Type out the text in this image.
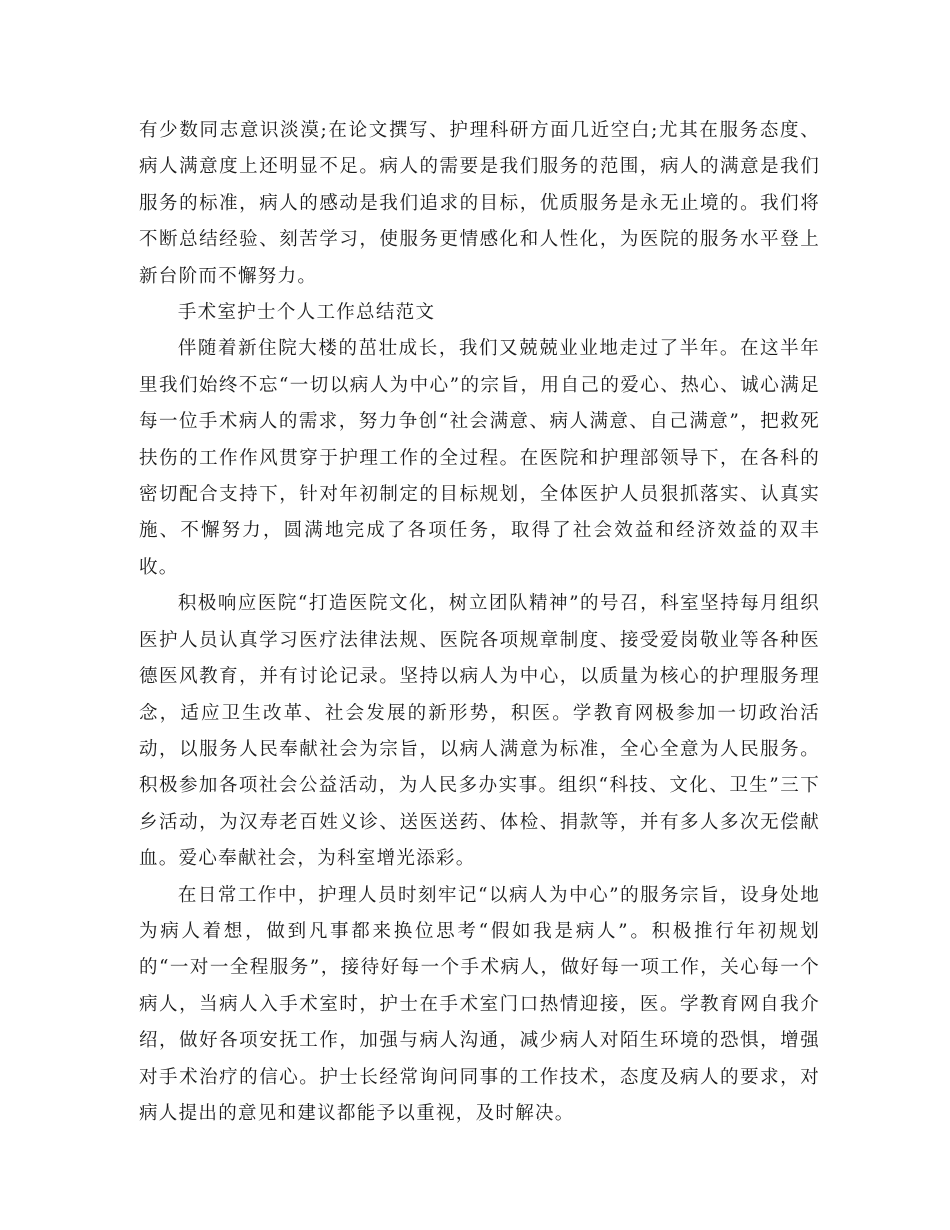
有少数同志意识淡漠;在论文撰写、护理科研方面几近空白;尤其在服务态度、病人满意度上还明显不足。病人的需要是我们服务的范围，病人的满意是我们服务的标准，病人的感动是我们追求的目标，优质服务是永无止境的。我们将不断总结经验、刻苦学习，使服务更情感化和人性化，为医院的服务水平登上新台阶而不懈努力。

手术室护士个人工作总结范文

伴随着新住院大楼的茁壮成长，我们又兢兢业业地走过了半年。在这半年里我们始终不忘“一切以病人为中心”的宗旨，用自己的爱心、热心、诚心满足每一位手术病人的需求，努力争创“社会满意、病人满意、自己满意”，把救死扶伤的工作作风贯穿于护理工作的全过程。在医院和护理部领导下，在各科的密切配合支持下，针对年初制定的目标规划，全体医护人员狠抓落实、认真实施、不懈努力，圆满地完成了各项任务，取得了社会效益和经济效益的双丰收。

积极响应医院“打造医院文化，树立团队精神”的号召，科室坚持每月组织医护人员认真学习医疗法律法规、医院各项规章制度、接受爱岗敬业等各种医德医风教育，并有讨论记录。坚持以病人为中心，以质量为核心的护理服务理念，适应卫生改革、社会发展的新形势，积医。学教育网极参加一切政治活动，以服务人民奉献社会为宗旨，以病人满意为标准，全心全意为人民服务。积极参加各项社会公益活动，为人民多办实事。组织“科技、文化、卫生”三下乡活动，为汉寿老百姓义诊、送医送药、体检、捐款等，并有多人多次无偿献血。爱心奉献社会，为科室增光添彩。

在日常工作中，护理人员时刻牢记“以病人为中心”的服务宗旨，设身处地为病人着想，做到凡事都来换位思考“假如我是病人”。积极推行年初规划的“一对一全程服务”，接待好每一个手术病人，做好每一项工作，关心每一个病人，当病人入手术室时，护士在手术室门口热情迎接，医。学教育网自我介绍，做好各项安抚工作，加强与病人沟通，减少病人对陌生环境的恐惧，增强对手术治疗的信心。护士长经常询问同事的工作技术，态度及病人的要求，对病人提出的意见和建议都能予以重视，及时解决。
